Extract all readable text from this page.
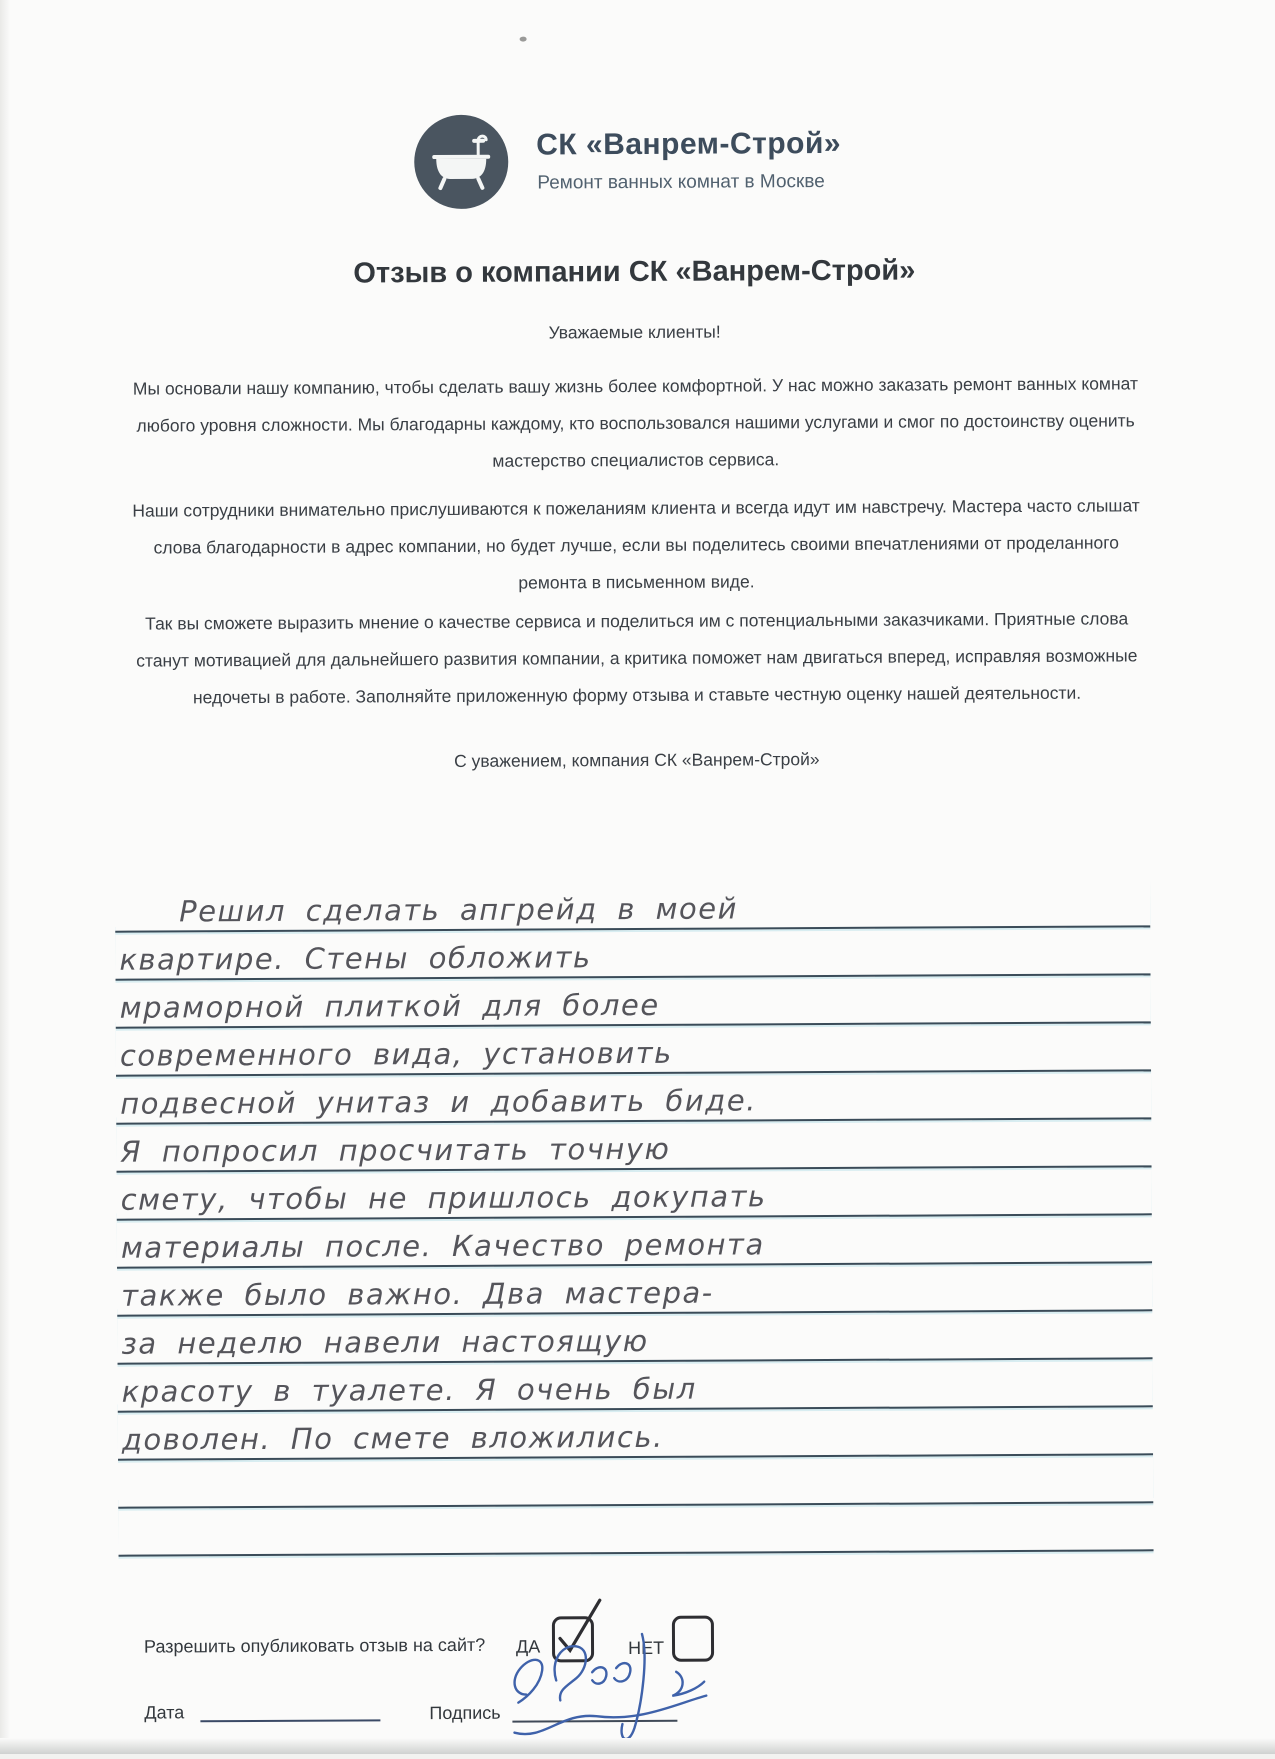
СК «Ванрем-Строй»
Ремонт ванных комнат в Москве
Отзыв о компании СК «Ванрем-Строй»
Уважаемые клиенты!
Мы основали нашу компанию, чтобы сделать вашу жизнь более комфортной. У нас можно заказать ремонт ванных комнат любого уровня сложности. Мы благодарны каждому, кто воспользовался нашими услугами и смог по достоинству оценить мастерство специалистов сервиса.
Наши сотрудники внимательно прислушиваются к пожеланиям клиента и всегда идут им навстречу. Мастера часто слышат слова благодарности в адрес компании, но будет лучше, если вы поделитесь своими впечатлениями от проделанного ремонта в письменном виде.
Так вы сможете выразить мнение о качестве сервиса и поделиться им с потенциальными заказчиками. Приятные слова станут мотивацией для дальнейшего развития компании, а критика поможет нам двигаться вперед, исправляя возможные недочеты в работе. Заполняйте приложенную форму отзыва и ставьте честную оценку нашей деятельности.
С уважением, компания СК «Ванрем-Строй»
Решил сделать апгрейд в моей
квартире. Стены обложить
мраморной плиткой для более
современного вида, установить
подвесной унитаз и добавить биде.
Я попросил просчитать точную
смету, чтобы не пришлось докупать
материалы после. Качество ремонта
также было важно. Два мастера-
за неделю навели настоящую
красоту в туалете. Я очень был
доволен. По смете вложились.
Разрешить опубликовать отзыв на сайт? ДА	НЕТ
Дата	Подпись
